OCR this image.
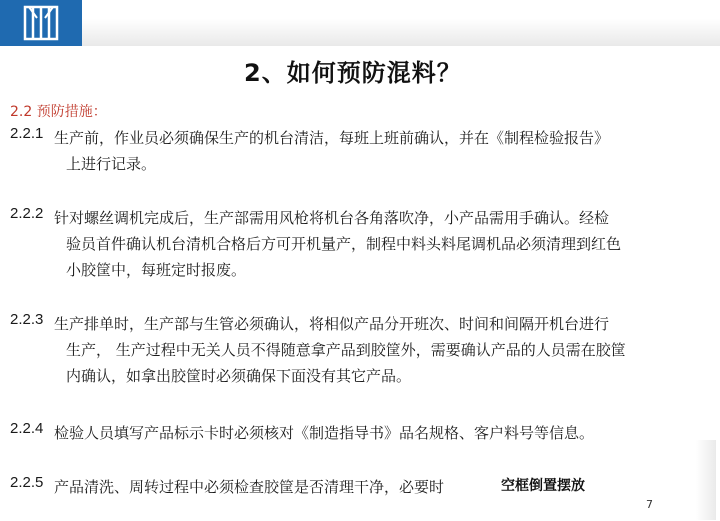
2、如何预防混料？
2.2 预防措施：
2.2.1 生产前，作业员必须确保生产的机台清洁，每班上班前确认，并在《制程检验报告》
上进行记录。
2.2.2 针对螺丝调机完成后，生产部需用风枪将机台各角落吹净，小产品需用手确认。经检
验员首件确认机台清机合格后方可开机量产，制程中料头料尾调机品必须清理到红色
小胶筐中，每班定时报废。
2.2.3 生产排单时，生产部与生管必须确认，将相似产品分开班次、时间和间隔开机台进行
生产， 生产过程中无关人员不得随意拿产品到胶筐外，需要确认产品的人员需在胶筐
内确认，如拿出胶筐时必须确保下面没有其它产品。
2.2.4 检验人员填写产品标示卡时必须核对《制造指导书》品名规格、客户料号等信息。
2.2.5 产品清洗、周转过程中必须检查胶筐是否清理干净，必要时	空框倒置摆放
7
